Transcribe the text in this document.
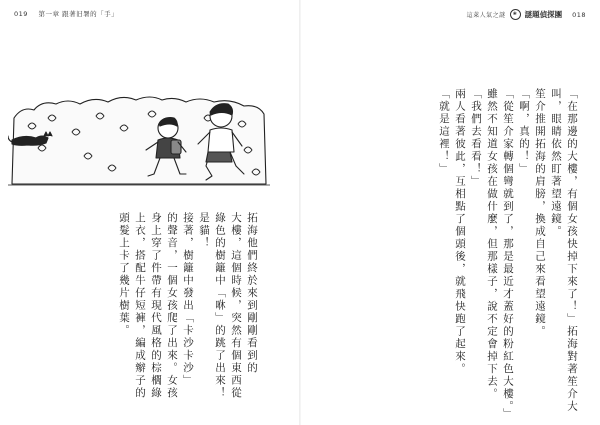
019 第一章 跟著旧署的「手」	這萊人氣之謎	❀ 謎題偵探團 018

拓海他們終於來到剛剛看到的

大樓，這個時候，突然有個東西從

綠色的樹籬中「咻」的跳了出來！

是貓！

接著，樹籬中發出「卡沙卡沙」

的聲音，一個女孩爬了出來。女孩

身上穿了件帶有現代風格的棕櫚綠

上衣，搭配牛仔短褲，編成辮子的

頭髮上卡了幾片樹葉。	「在那邊的大樓，有個女孩快掉下來了！」拓海對著笙介大

叫，眼睛依然盯著望遠鏡。

笙介推開拓海的肩膀，換成自己來看望遠鏡。

「啊，真的！」

「從笙介家轉個彎就到了，那是最近才蓋好的粉紅色大樓。」

雖然不知道女孩在做什麼，但那樣子，說不定會掉下去。

「我們去看看！」

兩人看著彼此，互相點了個頭後，就飛快跑了起來。

「就是這裡！」
